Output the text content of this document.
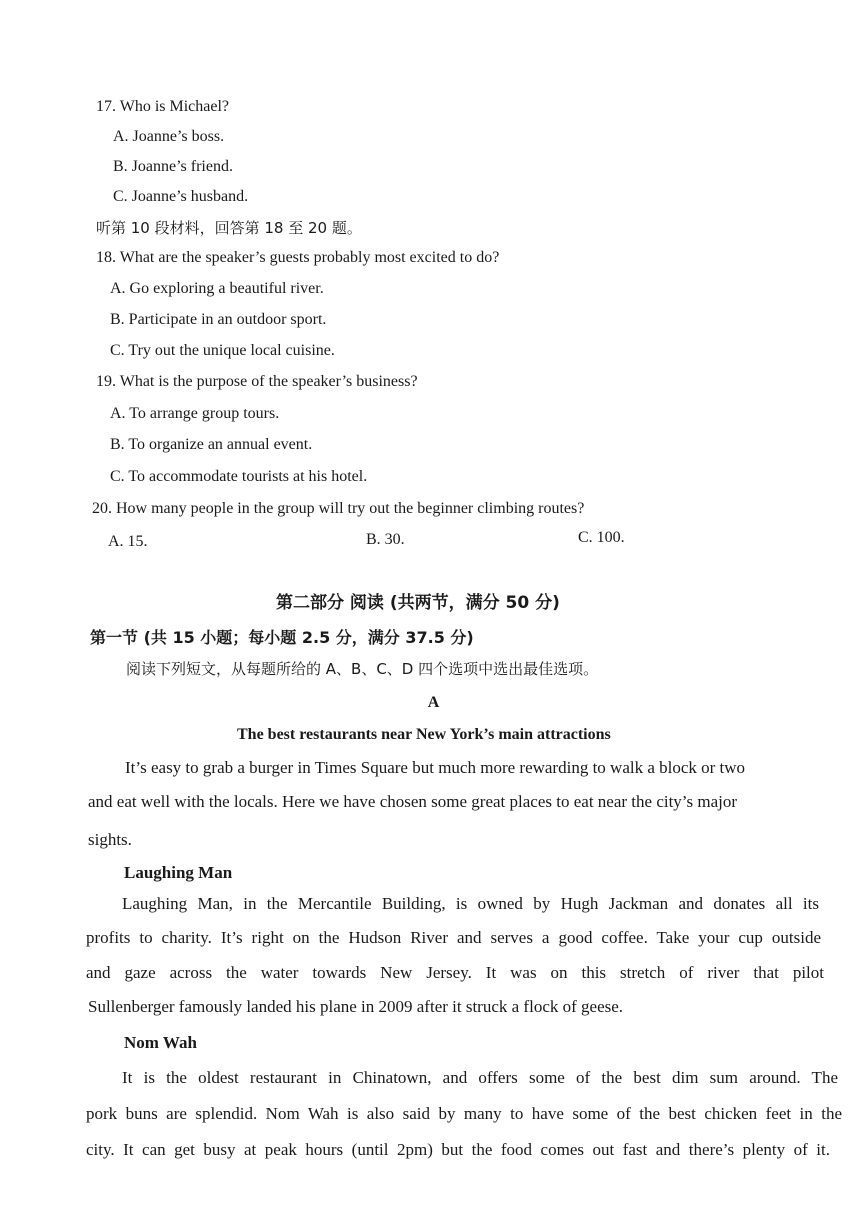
17. Who is Michael?
A. Joanne’s boss.
B. Joanne’s friend.
C. Joanne’s husband.
听第 10 段材料，回答第 18 至 20 题。
18. What are the speaker’s guests probably most excited to do?
A. Go exploring a beautiful river.
B. Participate in an outdoor sport.
C. Try out the unique local cuisine.
19. What is the purpose of the speaker’s business?
A. To arrange group tours.
B. To organize an annual event.
C. To accommodate tourists at his hotel.
20. How many people in the group will try out the beginner climbing routes?
A. 15.	B. 30.	C. 100.
第二部分 阅读 (共两节，满分 50 分)
第一节 (共 15 小题；每小题 2.5 分，满分 37.5 分)
阅读下列短文，从每题所给的 A、B、C、D 四个选项中选出最佳选项。
A
The best restaurants near New York’s main attractions
It’s easy to grab a burger in Times Square but much more rewarding to walk a block or two
and eat well with the locals. Here we have chosen some great places to eat near the city’s major
sights.
Laughing Man
Laughing Man, in the Mercantile Building, is owned by Hugh Jackman and donates all its
profits to charity. It’s right on the Hudson River and serves a good coffee. Take your cup outside
and gaze across the water towards New Jersey. It was on this stretch of river that pilot
Sullenberger famously landed his plane in 2009 after it struck a flock of geese.
Nom Wah
It is the oldest restaurant in Chinatown, and offers some of the best dim sum around. The
pork buns are splendid. Nom Wah is also said by many to have some of the best chicken feet in the
city. It can get busy at peak hours (until 2pm) but the food comes out fast and there’s plenty of it.
